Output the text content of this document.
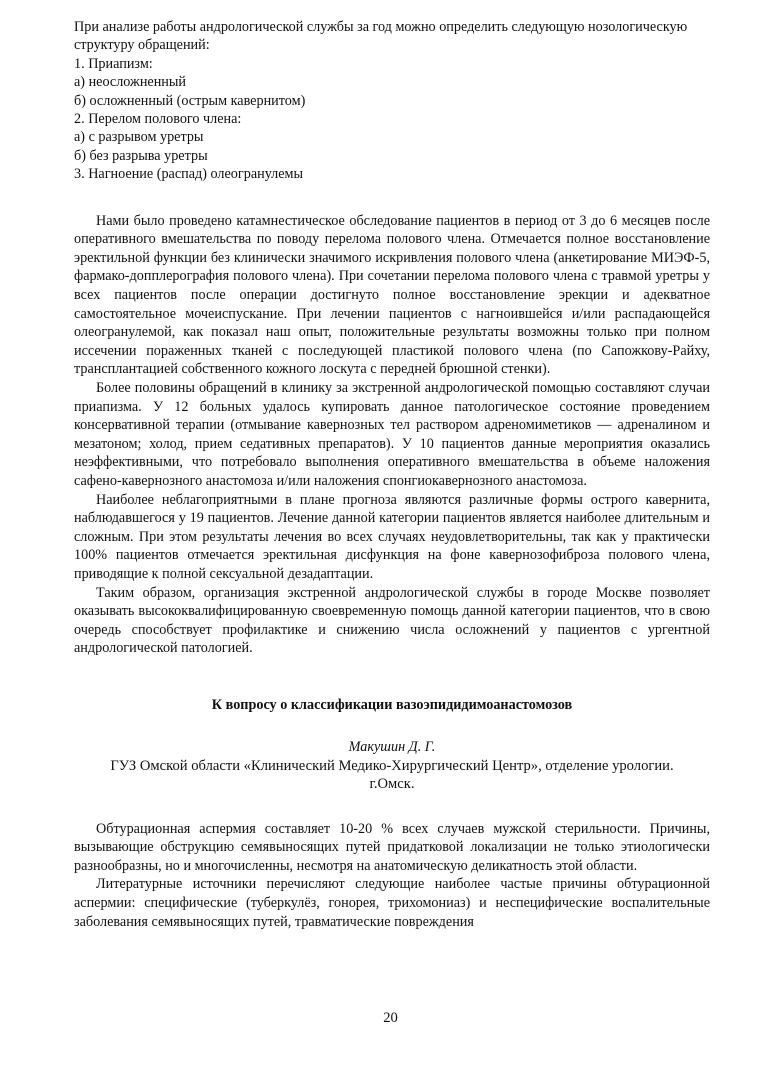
При анализе работы андрологической службы за год можно определить следующую нозологическую структуру обращений:

1. Приапизм:
а) неосложненный
б) осложненный (острым кавернитом)
2. Перелом полового члена:
а) с разрывом уретры
б) без разрыва уретры
3. Нагноение (распад) олеогранулемы

Нами было проведено катамнестическое обследование пациентов в период от 3 до 6 месяцев после оперативного вмешательства по поводу перелома полового члена. Отмечается полное восстановление эректильной функции без клинически значимого искривления полового члена (анкетирование МИЭФ-5, фармако-допплерография полового члена). При сочетании перелома полового члена с травмой уретры у всех пациентов после операции достигнуто полное восстановление эрекции и адекватное самостоятельное мочеиспускание. При лечении пациентов с нагноившейся и/или распадающейся олеогранулемой, как показал наш опыт, положительные результаты возможны только при полном иссечении пораженных тканей с последующей пластикой полового члена (по Сапожкову-Райху, трансплантацией собственного кожного лоскута с передней брюшной стенки).

Более половины обращений в клинику за экстренной андрологической помощью составляют случаи приапизма. У 12 больных удалось купировать данное патологическое состояние проведением консервативной терапии (отмывание кавернозных тел раствором адреномиметиков — адреналином и мезатоном; холод, прием седативных препаратов). У 10 пациентов данные мероприятия оказались неэффективными, что потребовало выполнения оперативного вмешательства в объеме наложения сафено-кавернозного анастомоза и/или наложения спонгиокавернозного анастомоза.

Наиболее неблагоприятными в плане прогноза являются различные формы острого кавернита, наблюдавшегося у 19 пациентов. Лечение данной категории пациентов является наиболее длительным и сложным. При этом результаты лечения во всех случаях неудовлетворительны, так как у практически 100% пациентов отмечается эректильная дисфункция на фоне кавернозофиброза полового члена, приводящие к полной сексуальной дезадаптации.

Таким образом, организация экстренной андрологической службы в городе Москве позволяет оказывать высококвалифицированную своевременную помощь данной категории пациентов, что в свою очередь способствует профилактике и снижению числа осложнений у пациентов с ургентной андрологической патологией.

К вопросу о классификации вазоэпидидимоанастомозов

Макушин Д. Г.

ГУЗ Омской области «Клинический Медико-Хирургический Центр», отделение урологии.

г.Омск.

Обтурационная аспермия составляет 10-20 % всех случаев мужской стерильности. Причины, вызывающие обструкцию семявыносящих путей придатковой локализации не только этиологически разнообразны, но и многочисленны, несмотря на анатомическую деликатность этой области.

Литературные источники перечисляют следующие наиболее частые причины обтурационной аспермии: специфические (туберкулёз, гонорея, трихомониаз) и неспецифические воспалительные заболевания семявыносящих путей, травматические повреждения

20
